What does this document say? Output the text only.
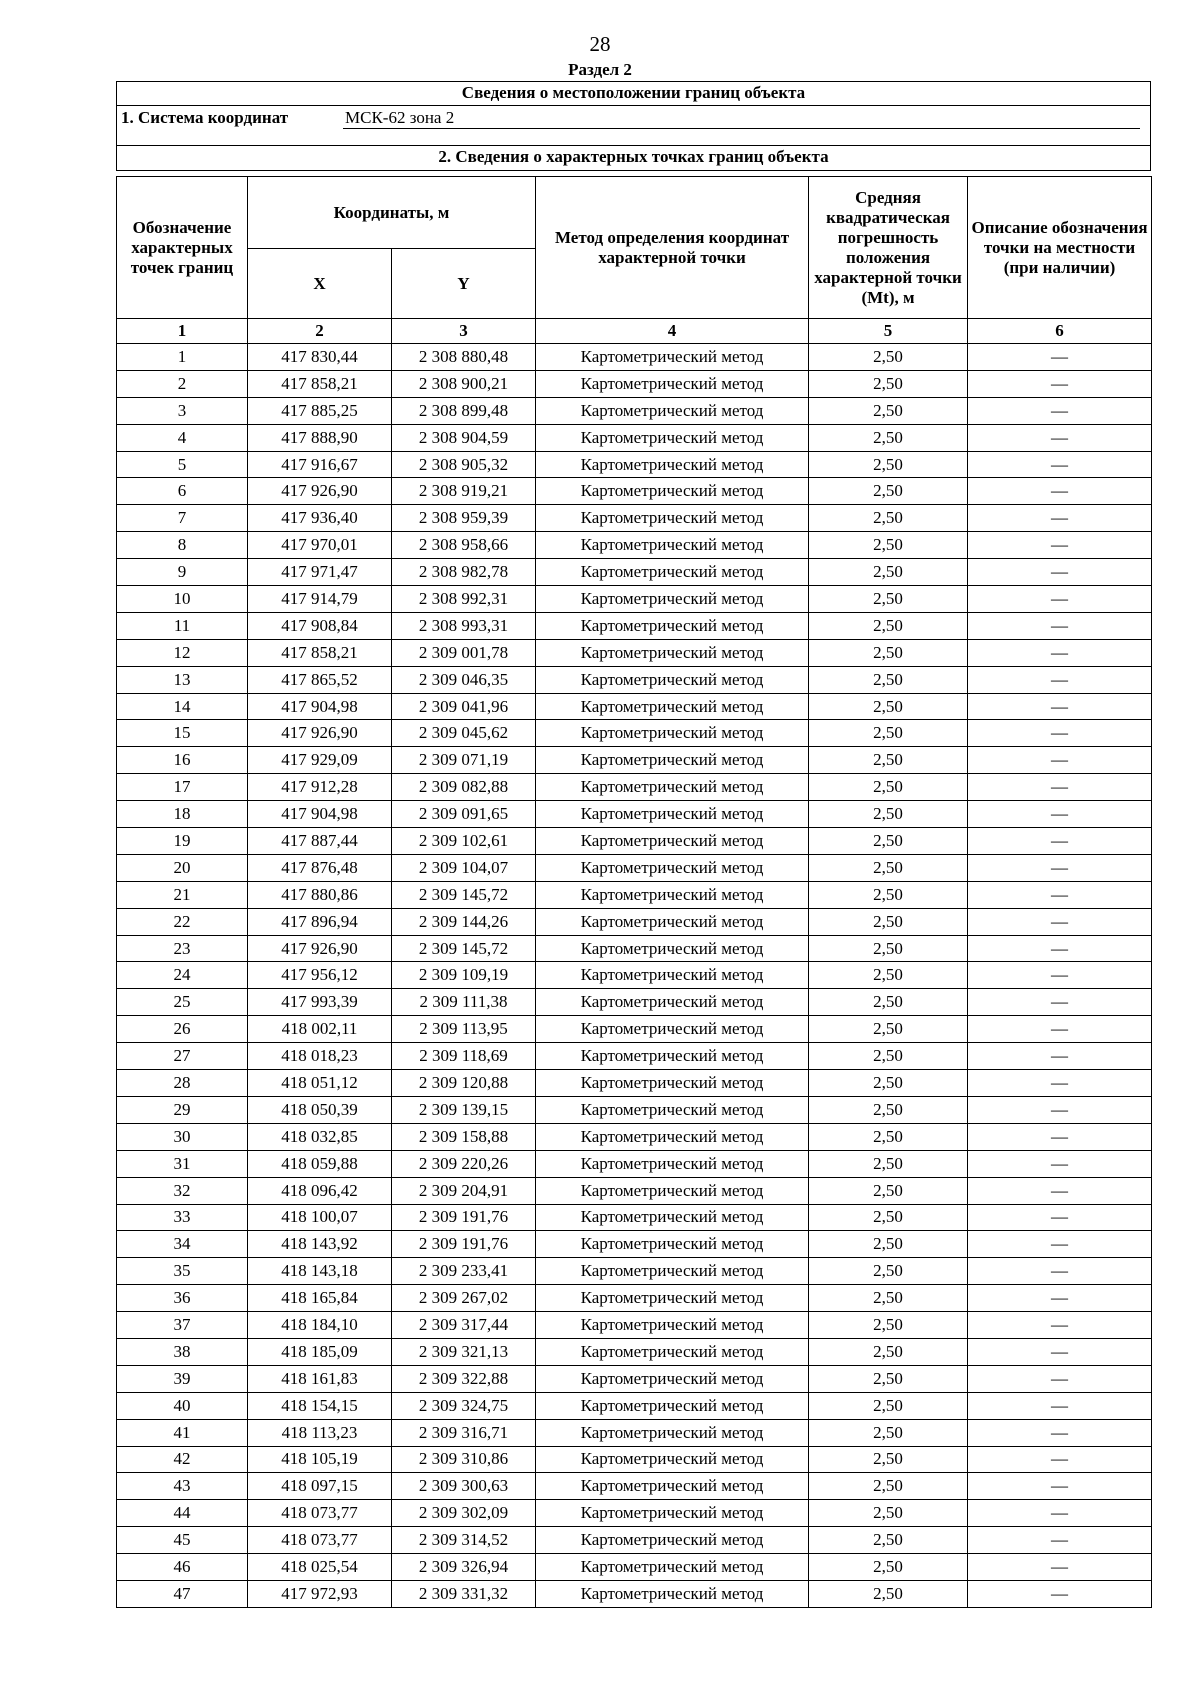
28
Раздел 2
Сведения о местоположении границ объекта
1. Система координат	МСК-62 зона 2
2. Сведения о характерных точках границ объекта
Обозначение характерных точек границ	Координаты, м		Метод определения координат характерной точки	Средняя квадратическая погрешность положения характерной точки (Mt), м	Описание обозначения точки на местности (при наличии)
	X	Y			
1	2	3	4	5	6
1	417 830,44	2 308 880,48	Картометрический метод	2,50	—
2	417 858,21	2 308 900,21	Картометрический метод	2,50	—
3	417 885,25	2 308 899,48	Картометрический метод	2,50	—
4	417 888,90	2 308 904,59	Картометрический метод	2,50	—
5	417 916,67	2 308 905,32	Картометрический метод	2,50	—
6	417 926,90	2 308 919,21	Картометрический метод	2,50	—
7	417 936,40	2 308 959,39	Картометрический метод	2,50	—
8	417 970,01	2 308 958,66	Картометрический метод	2,50	—
9	417 971,47	2 308 982,78	Картометрический метод	2,50	—
10	417 914,79	2 308 992,31	Картометрический метод	2,50	—
11	417 908,84	2 308 993,31	Картометрический метод	2,50	—
12	417 858,21	2 309 001,78	Картометрический метод	2,50	—
13	417 865,52	2 309 046,35	Картометрический метод	2,50	—
14	417 904,98	2 309 041,96	Картометрический метод	2,50	—
15	417 926,90	2 309 045,62	Картометрический метод	2,50	—
16	417 929,09	2 309 071,19	Картометрический метод	2,50	—
17	417 912,28	2 309 082,88	Картометрический метод	2,50	—
18	417 904,98	2 309 091,65	Картометрический метод	2,50	—
19	417 887,44	2 309 102,61	Картометрический метод	2,50	—
20	417 876,48	2 309 104,07	Картометрический метод	2,50	—
21	417 880,86	2 309 145,72	Картометрический метод	2,50	—
22	417 896,94	2 309 144,26	Картометрический метод	2,50	—
23	417 926,90	2 309 145,72	Картометрический метод	2,50	—
24	417 956,12	2 309 109,19	Картометрический метод	2,50	—
25	417 993,39	2 309 111,38	Картометрический метод	2,50	—
26	418 002,11	2 309 113,95	Картометрический метод	2,50	—
27	418 018,23	2 309 118,69	Картометрический метод	2,50	—
28	418 051,12	2 309 120,88	Картометрический метод	2,50	—
29	418 050,39	2 309 139,15	Картометрический метод	2,50	—
30	418 032,85	2 309 158,88	Картометрический метод	2,50	—
31	418 059,88	2 309 220,26	Картометрический метод	2,50	—
32	418 096,42	2 309 204,91	Картометрический метод	2,50	—
33	418 100,07	2 309 191,76	Картометрический метод	2,50	—
34	418 143,92	2 309 191,76	Картометрический метод	2,50	—
35	418 143,18	2 309 233,41	Картометрический метод	2,50	—
36	418 165,84	2 309 267,02	Картометрический метод	2,50	—
37	418 184,10	2 309 317,44	Картометрический метод	2,50	—
38	418 185,09	2 309 321,13	Картометрический метод	2,50	—
39	418 161,83	2 309 322,88	Картометрический метод	2,50	—
40	418 154,15	2 309 324,75	Картометрический метод	2,50	—
41	418 113,23	2 309 316,71	Картометрический метод	2,50	—
42	418 105,19	2 309 310,86	Картометрический метод	2,50	—
43	418 097,15	2 309 300,63	Картометрический метод	2,50	—
44	418 073,77	2 309 302,09	Картометрический метод	2,50	—
45	418 073,77	2 309 314,52	Картометрический метод	2,50	—
46	418 025,54	2 309 326,94	Картометрический метод	2,50	—
47	417 972,93	2 309 331,32	Картометрический метод	2,50	—
